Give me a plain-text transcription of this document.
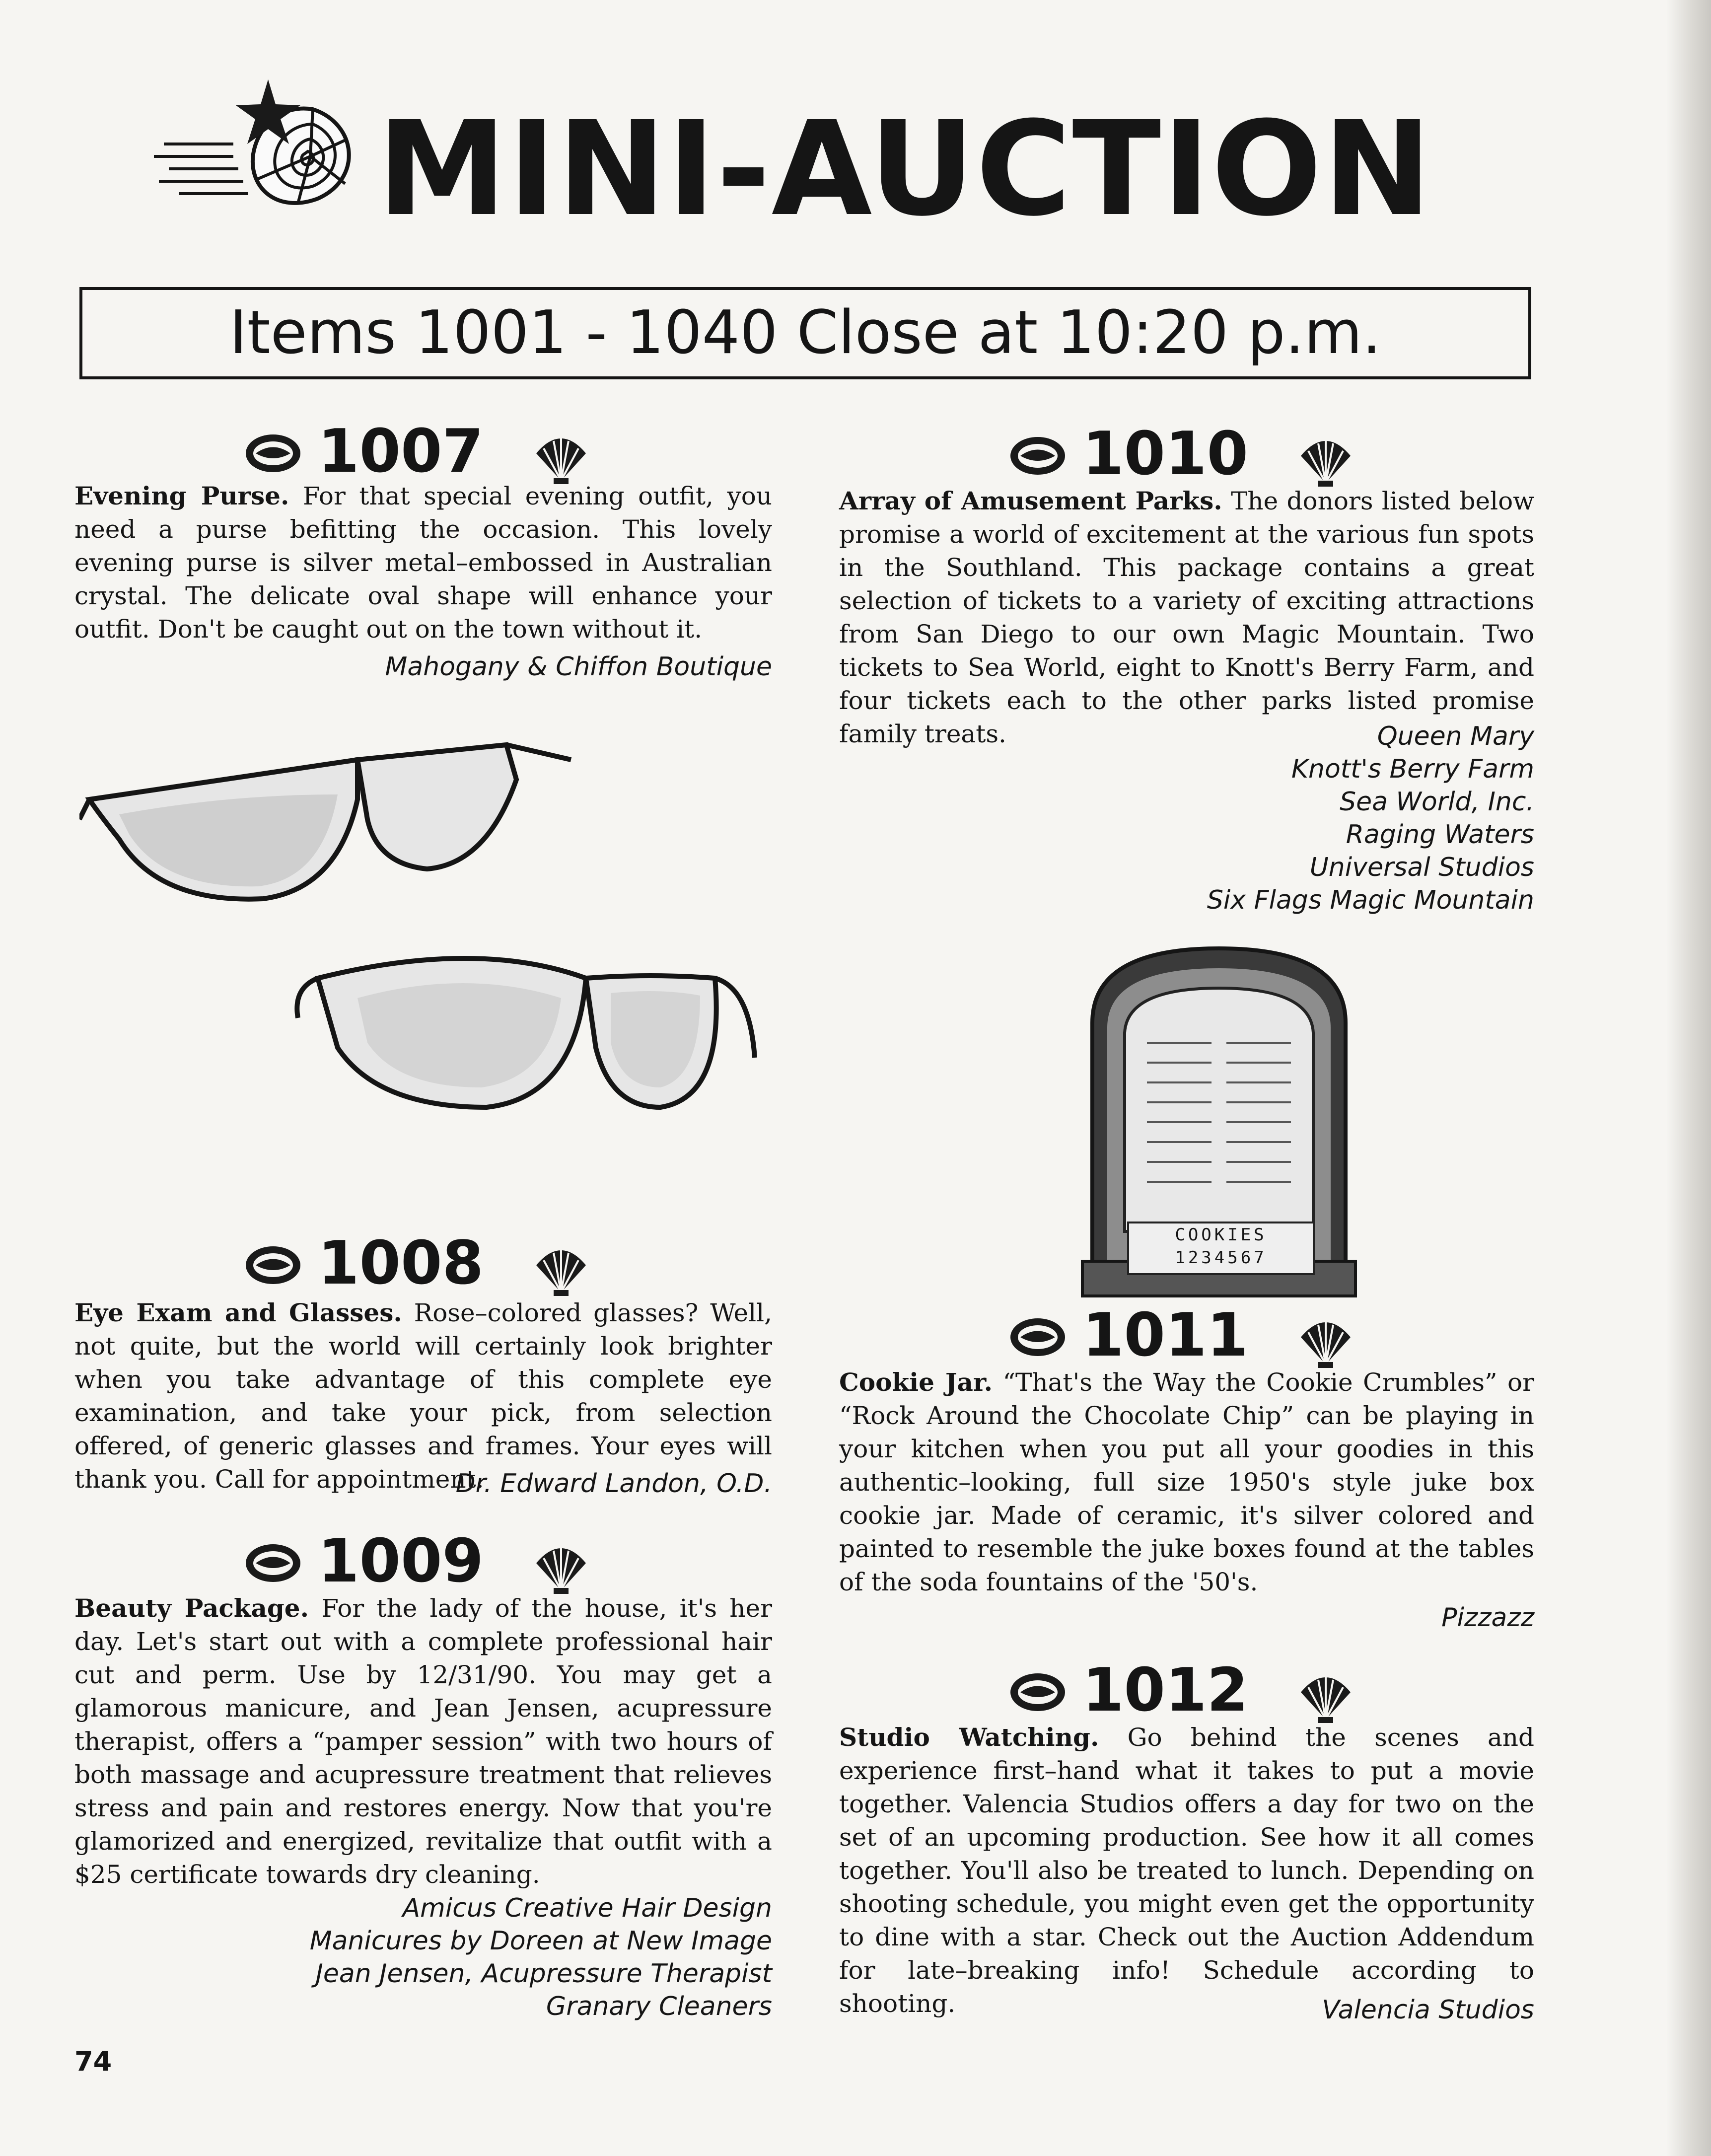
MINI-AUCTION
Items 1001 - 1040 Close at 10:20 p.m.
1007
Evening Purse. For that special evening outfit, you need a purse befitting the occasion. This lovely evening purse is silver metal–embossed in Australian crystal. The delicate oval shape will enhance your outfit. Don't be caught out on the town without it.
Mahogany & Chiffon Boutique
1008
Eye Exam and Glasses. Rose–colored glasses? Well, not quite, but the world will certainly look brighter when you take advantage of this complete eye examination, and take your pick, from selection offered, of generic glasses and frames. Your eyes will thank you. Call for appointment.
Dr. Edward Landon, O.D.
1009
Beauty Package. For the lady of the house, it's her day. Let's start out with a complete professional hair cut and perm. Use by 12/31/90. You may get a glamorous manicure, and Jean Jensen, acupressure therapist, offers a “pamper session” with two hours of both massage and acupressure treatment that relieves stress and pain and restores energy. Now that you're glamorized and energized, revitalize that outfit with a $25 certificate towards dry cleaning.
Amicus Creative Hair Design
Manicures by Doreen at New Image
Jean Jensen, Acupressure Therapist
Granary Cleaners
1010
Array of Amusement Parks. The donors listed below promise a world of excitement at the various fun spots in the Southland. This package contains a great selection of tickets to a variety of exciting attractions from San Diego to our own Magic Mountain. Two tickets to Sea World, eight to Knott's Berry Farm, and four tickets each to the other parks listed promise family treats.	Queen Mary
Knott's Berry Farm
Sea World, Inc.
Raging Waters
Universal Studios
Six Flags Magic Mountain
COOKIES
1234567
1011
Cookie Jar. “That's the Way the Cookie Crumbles” or “Rock Around the Chocolate Chip” can be playing in your kitchen when you put all your goodies in this authentic–looking, full size 1950's style juke box cookie jar. Made of ceramic, it's silver colored and painted to resemble the juke boxes found at the tables of the soda fountains of the '50's.
Pizzazz
1012
Studio Watching. Go behind the scenes and experience first–hand what it takes to put a movie together. Valencia Studios offers a day for two on the set of an upcoming production. See how it all comes together. You'll also be treated to lunch. Depending on shooting schedule, you might even get the opportunity to dine with a star. Check out the Auction Addendum for late–breaking info! Schedule according to shooting.	Valencia Studios
74
